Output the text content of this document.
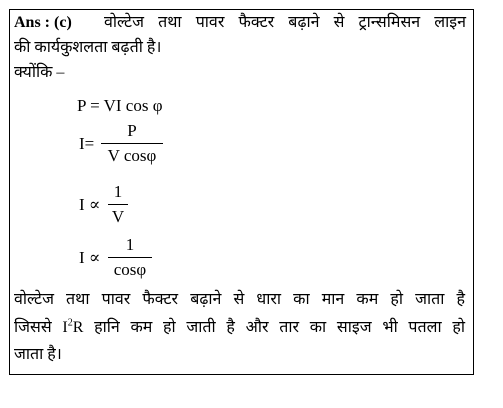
Ans : (c) वोल्टेज तथा पावर फैक्टर बढ़ाने से ट्रान्समिसन लाइन

की कार्यकुशलता बढ़ती है।

क्योंकि –

P = VI cos φ

I=

P
V cosφ

I ∝

1
V

I ∝

1
cosφ

वोल्टेज तथा पावर फैक्टर बढ़ाने से धारा का मान कम हो जाता है

जिससे $I^2R$ हानि कम हो जाती है और तार का साइज भी पतला हो

जाता है।
